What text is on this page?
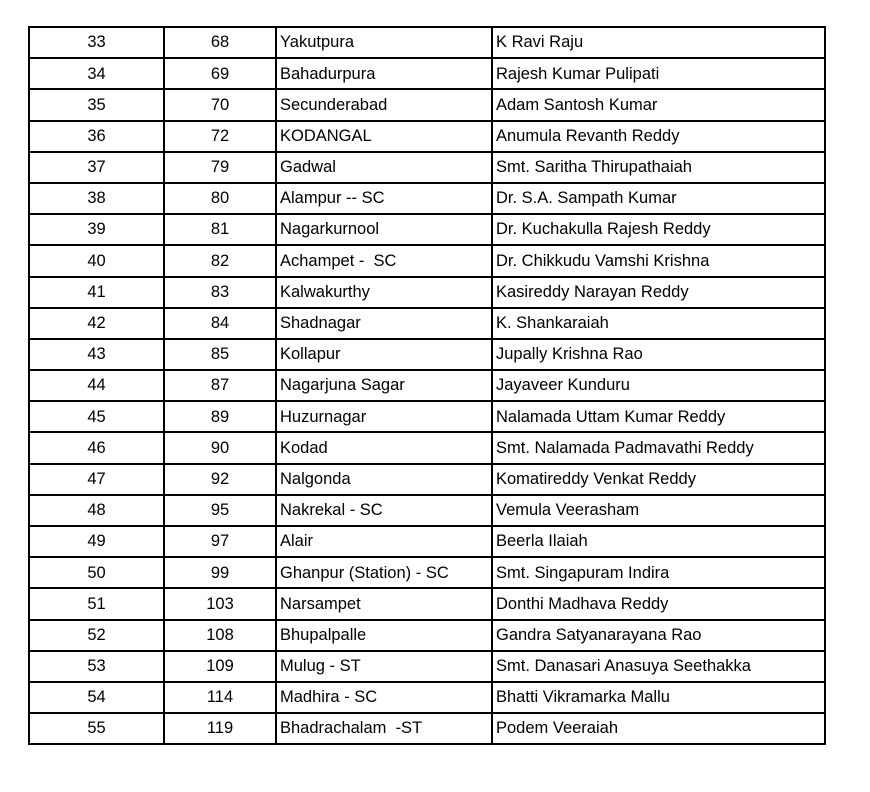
33	68	Yakutpura	K Ravi Raju
34	69	Bahadurpura	Rajesh Kumar Pulipati
35	70	Secunderabad	Adam Santosh Kumar
36	72	KODANGAL	Anumula Revanth Reddy
37	79	Gadwal	Smt. Saritha Thirupathaiah
38	80	Alampur -- SC	Dr. S.A. Sampath Kumar
39	81	Nagarkurnool	Dr. Kuchakulla Rajesh Reddy
40	82	Achampet -  SC	Dr. Chikkudu Vamshi Krishna
41	83	Kalwakurthy	Kasireddy Narayan Reddy
42	84	Shadnagar	K. Shankaraiah
43	85	Kollapur	Jupally Krishna Rao
44	87	Nagarjuna Sagar	Jayaveer Kunduru
45	89	Huzurnagar	Nalamada Uttam Kumar Reddy
46	90	Kodad	Smt. Nalamada Padmavathi Reddy
47	92	Nalgonda	Komatireddy Venkat Reddy
48	95	Nakrekal - SC	Vemula Veerasham
49	97	Alair	Beerla Ilaiah
50	99	Ghanpur (Station) - SC	Smt. Singapuram Indira
51	103	Narsampet	Donthi Madhava Reddy
52	108	Bhupalpalle	Gandra Satyanarayana Rao
53	109	Mulug - ST	Smt. Danasari Anasuya Seethakka
54	114	Madhira - SC	Bhatti Vikramarka Mallu
55	119	Bhadrachalam  -ST	Podem Veeraiah
